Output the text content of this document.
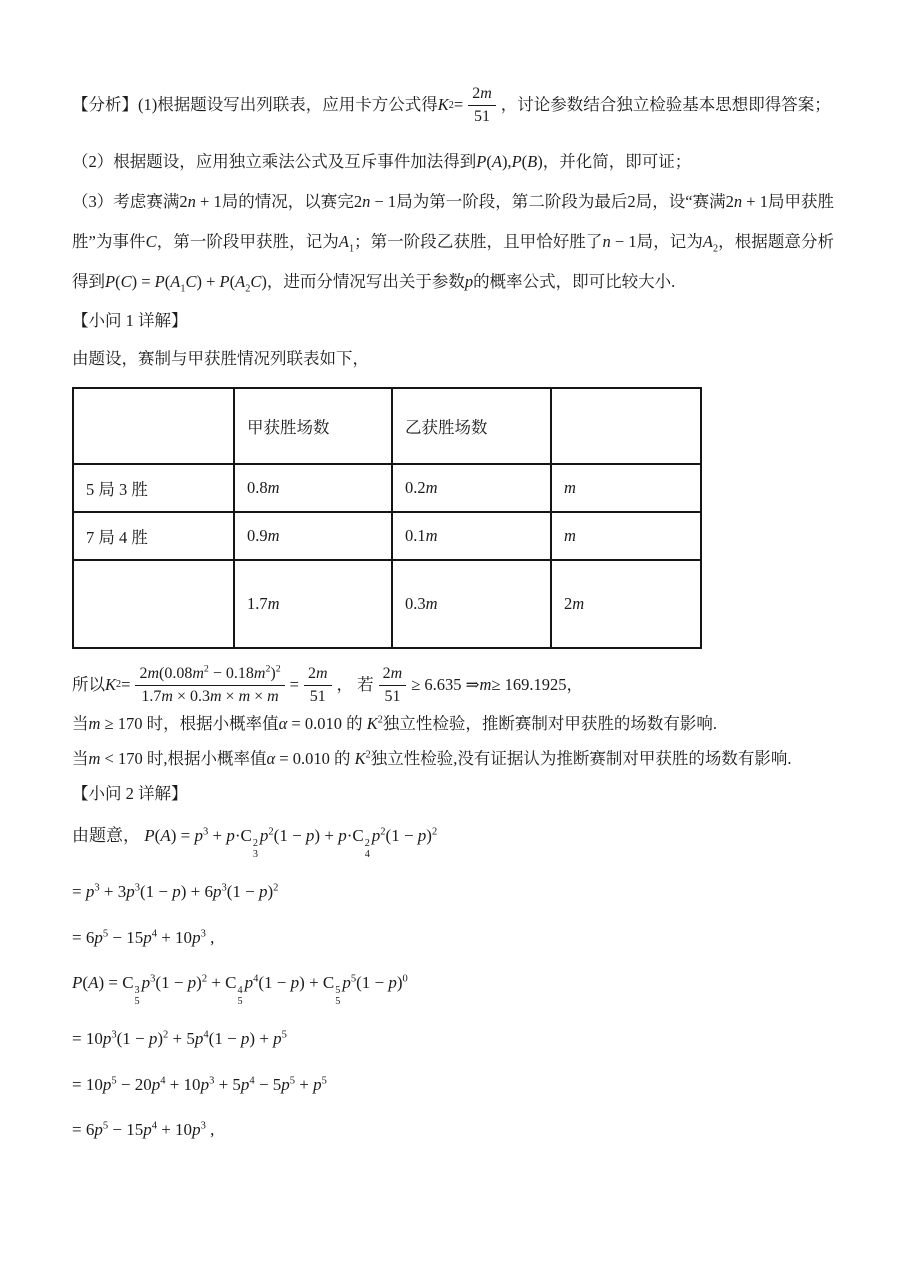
【分析】(1)根据题设写出列联表，应用卡方公式得 K $2 = \frac{2m}{51}$ ，讨论参数结合独立检验基本思想即得答案；

（2）根据题设，应用独立乘法公式及互斥事件加法得到P(A),P(B)，并化简，即可证；

（3）考虑赛满2n + 1局的情况，以赛完2n − 1局为第一阶段，第二阶段为最后2局，设“赛满2n + 1局甲获胜胜”为事件C，第一阶段甲获胜，记为$A_1$；第一阶段乙获胜，且甲恰好胜了n − 1局，记为$A_2$，根据题意分析得到$P(C) = P(A_1C) + P(A_2C)$，进而分情况写出关于参数p的概率公式，即可比较大小.

【小问 1 详解】

由题设，赛制与甲获胜情况列联表如下，

	甲获胜场数	乙获胜场数	
5 局 3 胜	0.8m	0.2m	m
7 局 4 胜	0.9m	0.1m	m
	1.7m	0.3m	2m

所以 K $2 = \frac{2m(0.08m^2 - 0.18m^2)^2}{1.7m \times 0.3m \times m \times m} = \frac{2m}{51}$ ， 若 $\frac{2m}{51} \ge 6.635$ ⇒ m ≥ 169.1925 ，

当m ≥ 170 时，根据小概率值α = 0.010 的 $K^2$独立性检验，推断赛制对甲获胜的场数有影响.

当m < 170 时,根据小概率值α = 0.010 的 $K^2$独立性检验,没有证据认为推断赛制对甲获胜的场数有影响.

【小问 2 详解】

由题意， $P(A) = p^3 + p\cdot C$ 2
3
$p^2(1 - p) + p\cdot C$ 2
4
$p^2(1 - p)^2$

= $p^3 + 3p^3(1 - p) + 6p^3(1 - p)^2$

= $6p^5 - 15p^4 + 10p^3$ ,

P(A) = C 3
5
$p^3(1 - p)^2 + C$ 4
5
$p^4(1 - p) + C$ 5
5
$p^5(1 - p)^0$

= $10p^3(1 - p)^2 + 5p^4(1 - p) + p^5$

= $10p^5 - 20p^4 + 10p^3 + 5p^4 - 5p^5 + p^5$

= $6p^5 - 15p^4 + 10p^3$ ,
